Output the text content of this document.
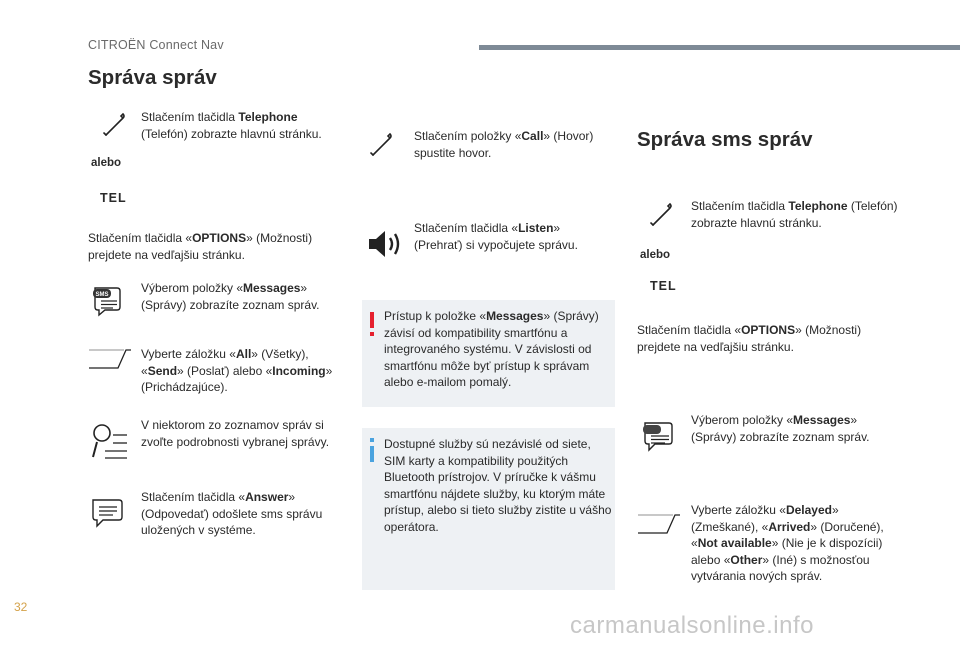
CITROËN Connect Nav
Správa správ
Stlačením tlačidla Telephone (Telefón) zobrazte hlavnú stránku.
alebo
TEL
Stlačením tlačidla «OPTIONS» (Možnosti) prejdete na vedľajšiu stránku.
SMS	Výberom položky «Messages» (Správy) zobrazíte zoznam správ.
Vyberte záložku «All» (Všetky), «Send» (Poslať) alebo «Incoming» (Prichádzajúce).
V niektorom zo zoznamov správ si zvoľte podrobnosti vybranej správy.
Stlačením tlačidla «Answer» (Odpovedať) odošlete sms správu uložených v systéme.
Stlačením položky «Call» (Hovor) spustite hovor.
Stlačením tlačidla «Listen» (Prehrať) si vypočujete správu.
Prístup k položke «Messages» (Správy) závisí od kompatibility smartfónu a integrovaného systému. V závislosti od smartfónu môže byť prístup k správam alebo e-mailom pomalý.
Dostupné služby sú nezávislé od siete, SIM karty a kompatibility použitých Bluetooth prístrojov. V príručke k vášmu smartfónu nájdete služby, ku ktorým máte prístup, alebo si tieto služby zistite u vášho operátora.
Správa sms správ
Stlačením tlačidla Telephone (Telefón) zobrazte hlavnú stránku.
alebo
TEL
Stlačením tlačidla «OPTIONS» (Možnosti) prejdete na vedľajšiu stránku.
Výberom položky «Messages» (Správy) zobrazíte zoznam správ.
Vyberte záložku «Delayed» (Zmeškané), «Arrived» (Doručené), «Not available» (Nie je k dispozícii) alebo «Other» (Iné) s možnosťou vytvárania nových správ.
32
carmanualsonline.info
